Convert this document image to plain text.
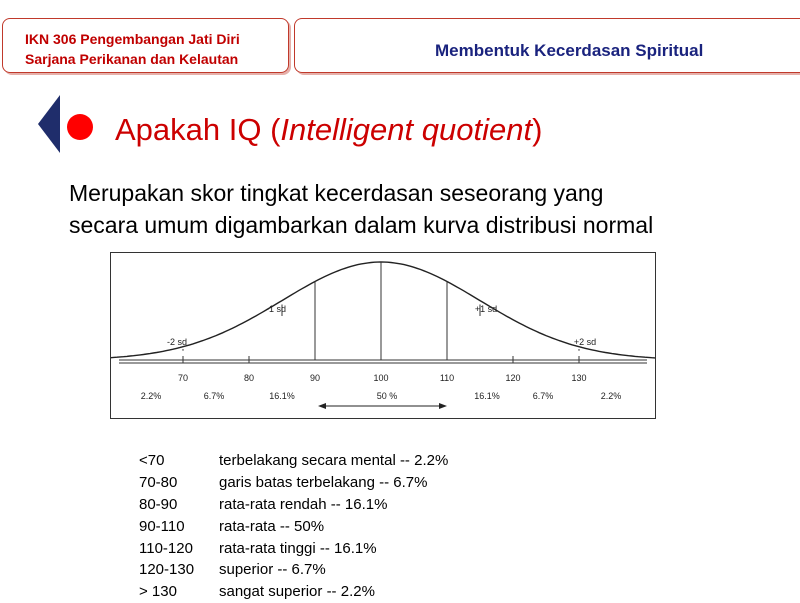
IKN 306 Pengembangan Jati Diri
Sarjana Perikanan dan Kelautan	Membentuk Kecerdasan Spiritual
Apakah IQ (Intelligent quotient)
Merupakan skor tingkat kecerdasan seseorang yang
secara umum digambarkan dalam kurva distribusi normal
70	80	90	100	110	120	130
-2 sd
-1 sd	+1 sd
+2 sd
2.2%	6.7%	16.1%	50 %	16.1%	6.7%	2.2%
<70	terbelakang secara mental -- 2.2%
70-80	garis batas terbelakang -- 6.7%
80-90	rata-rata rendah -- 16.1%
90-110	rata-rata -- 50%
110-120	rata-rata tinggi -- 16.1%
120-130	superior -- 6.7%
> 130	sangat superior -- 2.2%
